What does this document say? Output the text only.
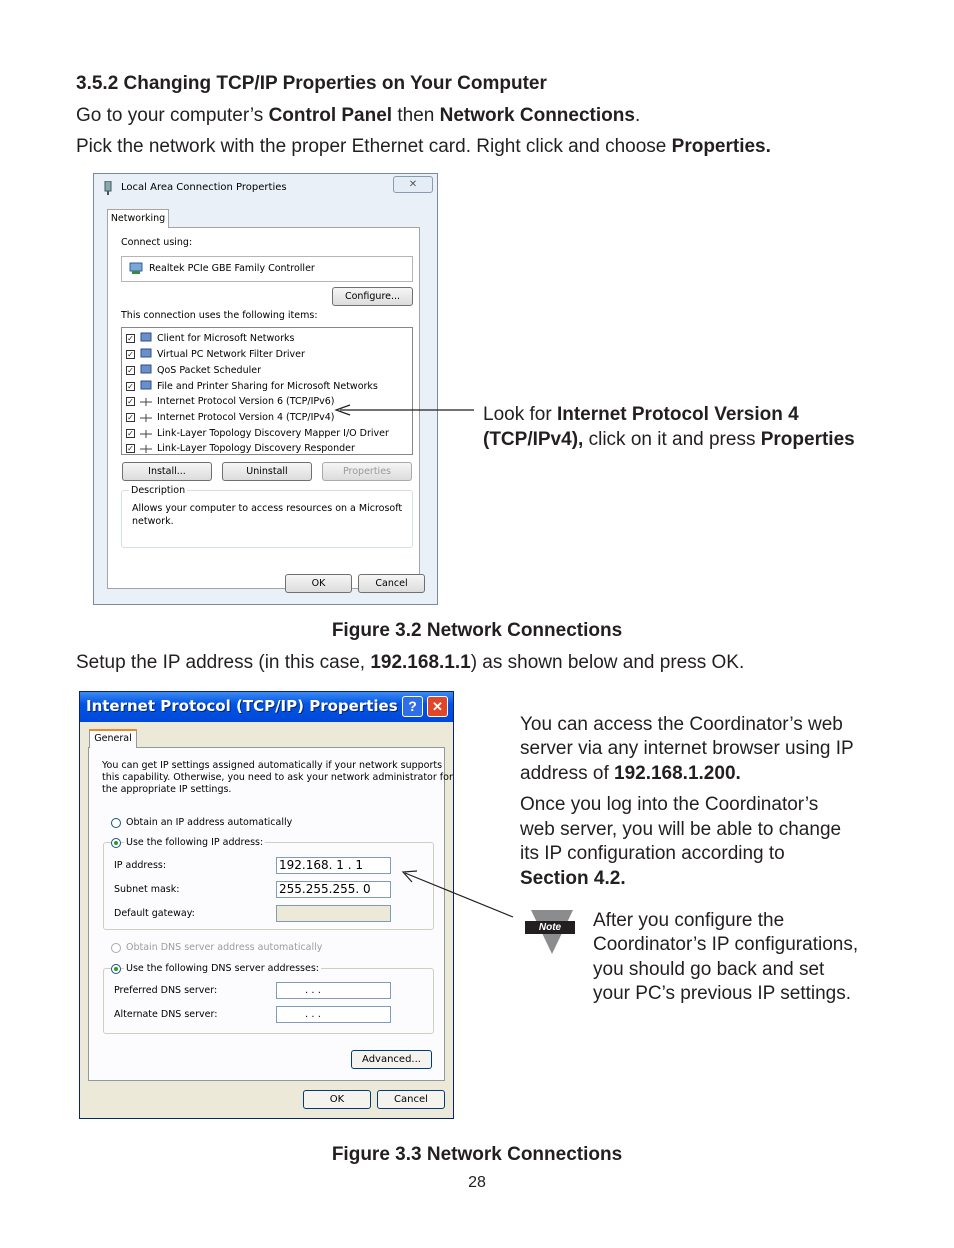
3.5.2 Changing TCP/IP Properties on Your Computer
Go to your computer’s Control Panel then Network Connections.
Pick the network with the proper Ethernet card. Right click and choose Properties.
Local Area Connection Properties	✕
Networking
Connect using:
Realtek PCIe GBE Family Controller
Configure...
This connection uses the following items:
✓ Client for Microsoft Networks
✓ Virtual PC Network Filter Driver
✓ QoS Packet Scheduler
✓ File and Printer Sharing for Microsoft Networks
✓ Internet Protocol Version 6 (TCP/IPv6)
✓ Internet Protocol Version 4 (TCP/IPv4)
✓ Link-Layer Topology Discovery Mapper I/O Driver
✓ Link-Layer Topology Discovery Responder
Install...	Uninstall	Properties
Description
Allows your computer to access resources on a Microsoft
network.
OK	Cancel
Look for Internet Protocol Version 4
(TCP/IPv4), click on it and press Properties
Figure 3.2 Network Connections
Setup the IP address (in this case, 192.168.1.1) as shown below and press OK.
Internet Protocol (TCP/IP) Properties ?	✕
General
You can get IP settings assigned automatically if your network supports
this capability. Otherwise, you need to ask your network administrator for
the appropriate IP settings.
Obtain an IP address automatically
Use the following IP address:
IP address:	192.168. 1 . 1
Subnet mask:	255.255.255. 0
Default gateway:
Obtain DNS server address automatically
Use the following DNS server addresses:
Preferred DNS server:	. . .
Alternate DNS server:	. . .
Advanced...
OK	Cancel
You can access the Coordinator’s web
server via any internet browser using IP
address of 192.168.1.200.
Once you log into the Coordinator’s
web server, you will be able to change
its IP configuration according to
Section 4.2.
Note	After you configure the
Coordinator’s IP configurations,
you should go back and set
your PC’s previous IP settings.
Figure 3.3 Network Connections
28
